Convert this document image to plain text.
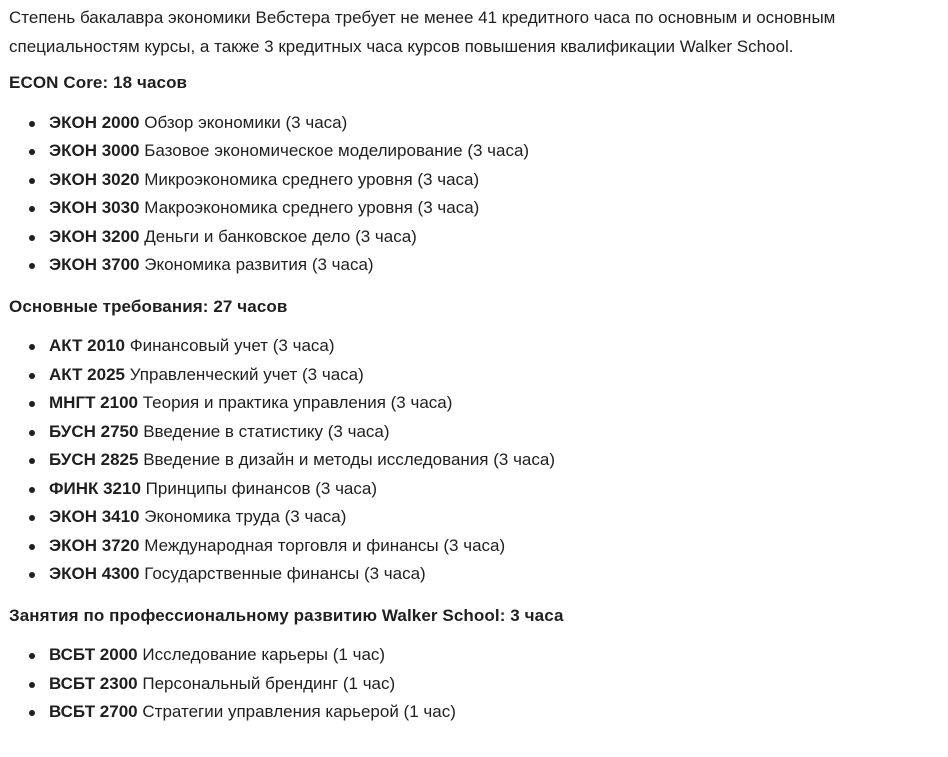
Степень бакалавра экономики Вебстера требует не менее 41 кредитного часа по основным и основным специальностям курсы, а также 3 кредитных часа курсов повышения квалификации Walker School.

ECON Core: 18 часов
ЭКОН 2000 Обзор экономики (3 часа)
ЭКОН 3000 Базовое экономическое моделирование (3 часа)
ЭКОН 3020 Микроэкономика среднего уровня (3 часа)
ЭКОН 3030 Макроэкономика среднего уровня (3 часа)
ЭКОН 3200 Деньги и банковское дело (3 часа)
ЭКОН 3700 Экономика развития (3 часа)
Основные требования: 27 часов
АКТ 2010 Финансовый учет (3 часа)
АКТ 2025 Управленческий учет (3 часа)
МНГТ 2100 Теория и практика управления (3 часа)
БУСН 2750 Введение в статистику (3 часа)
БУСН 2825 Введение в дизайн и методы исследования (3 часа)
ФИНК 3210 Принципы финансов (3 часа)
ЭКОН 3410 Экономика труда (3 часа)
ЭКОН 3720 Международная торговля и финансы (3 часа)
ЭКОН 4300 Государственные финансы (3 часа)
Занятия по профессиональному развитию Walker School: 3 часа
ВСБТ 2000 Исследование карьеры (1 час)
ВСБТ 2300 Персональный брендинг (1 час)
ВСБТ 2700 Стратегии управления карьерой (1 час)
